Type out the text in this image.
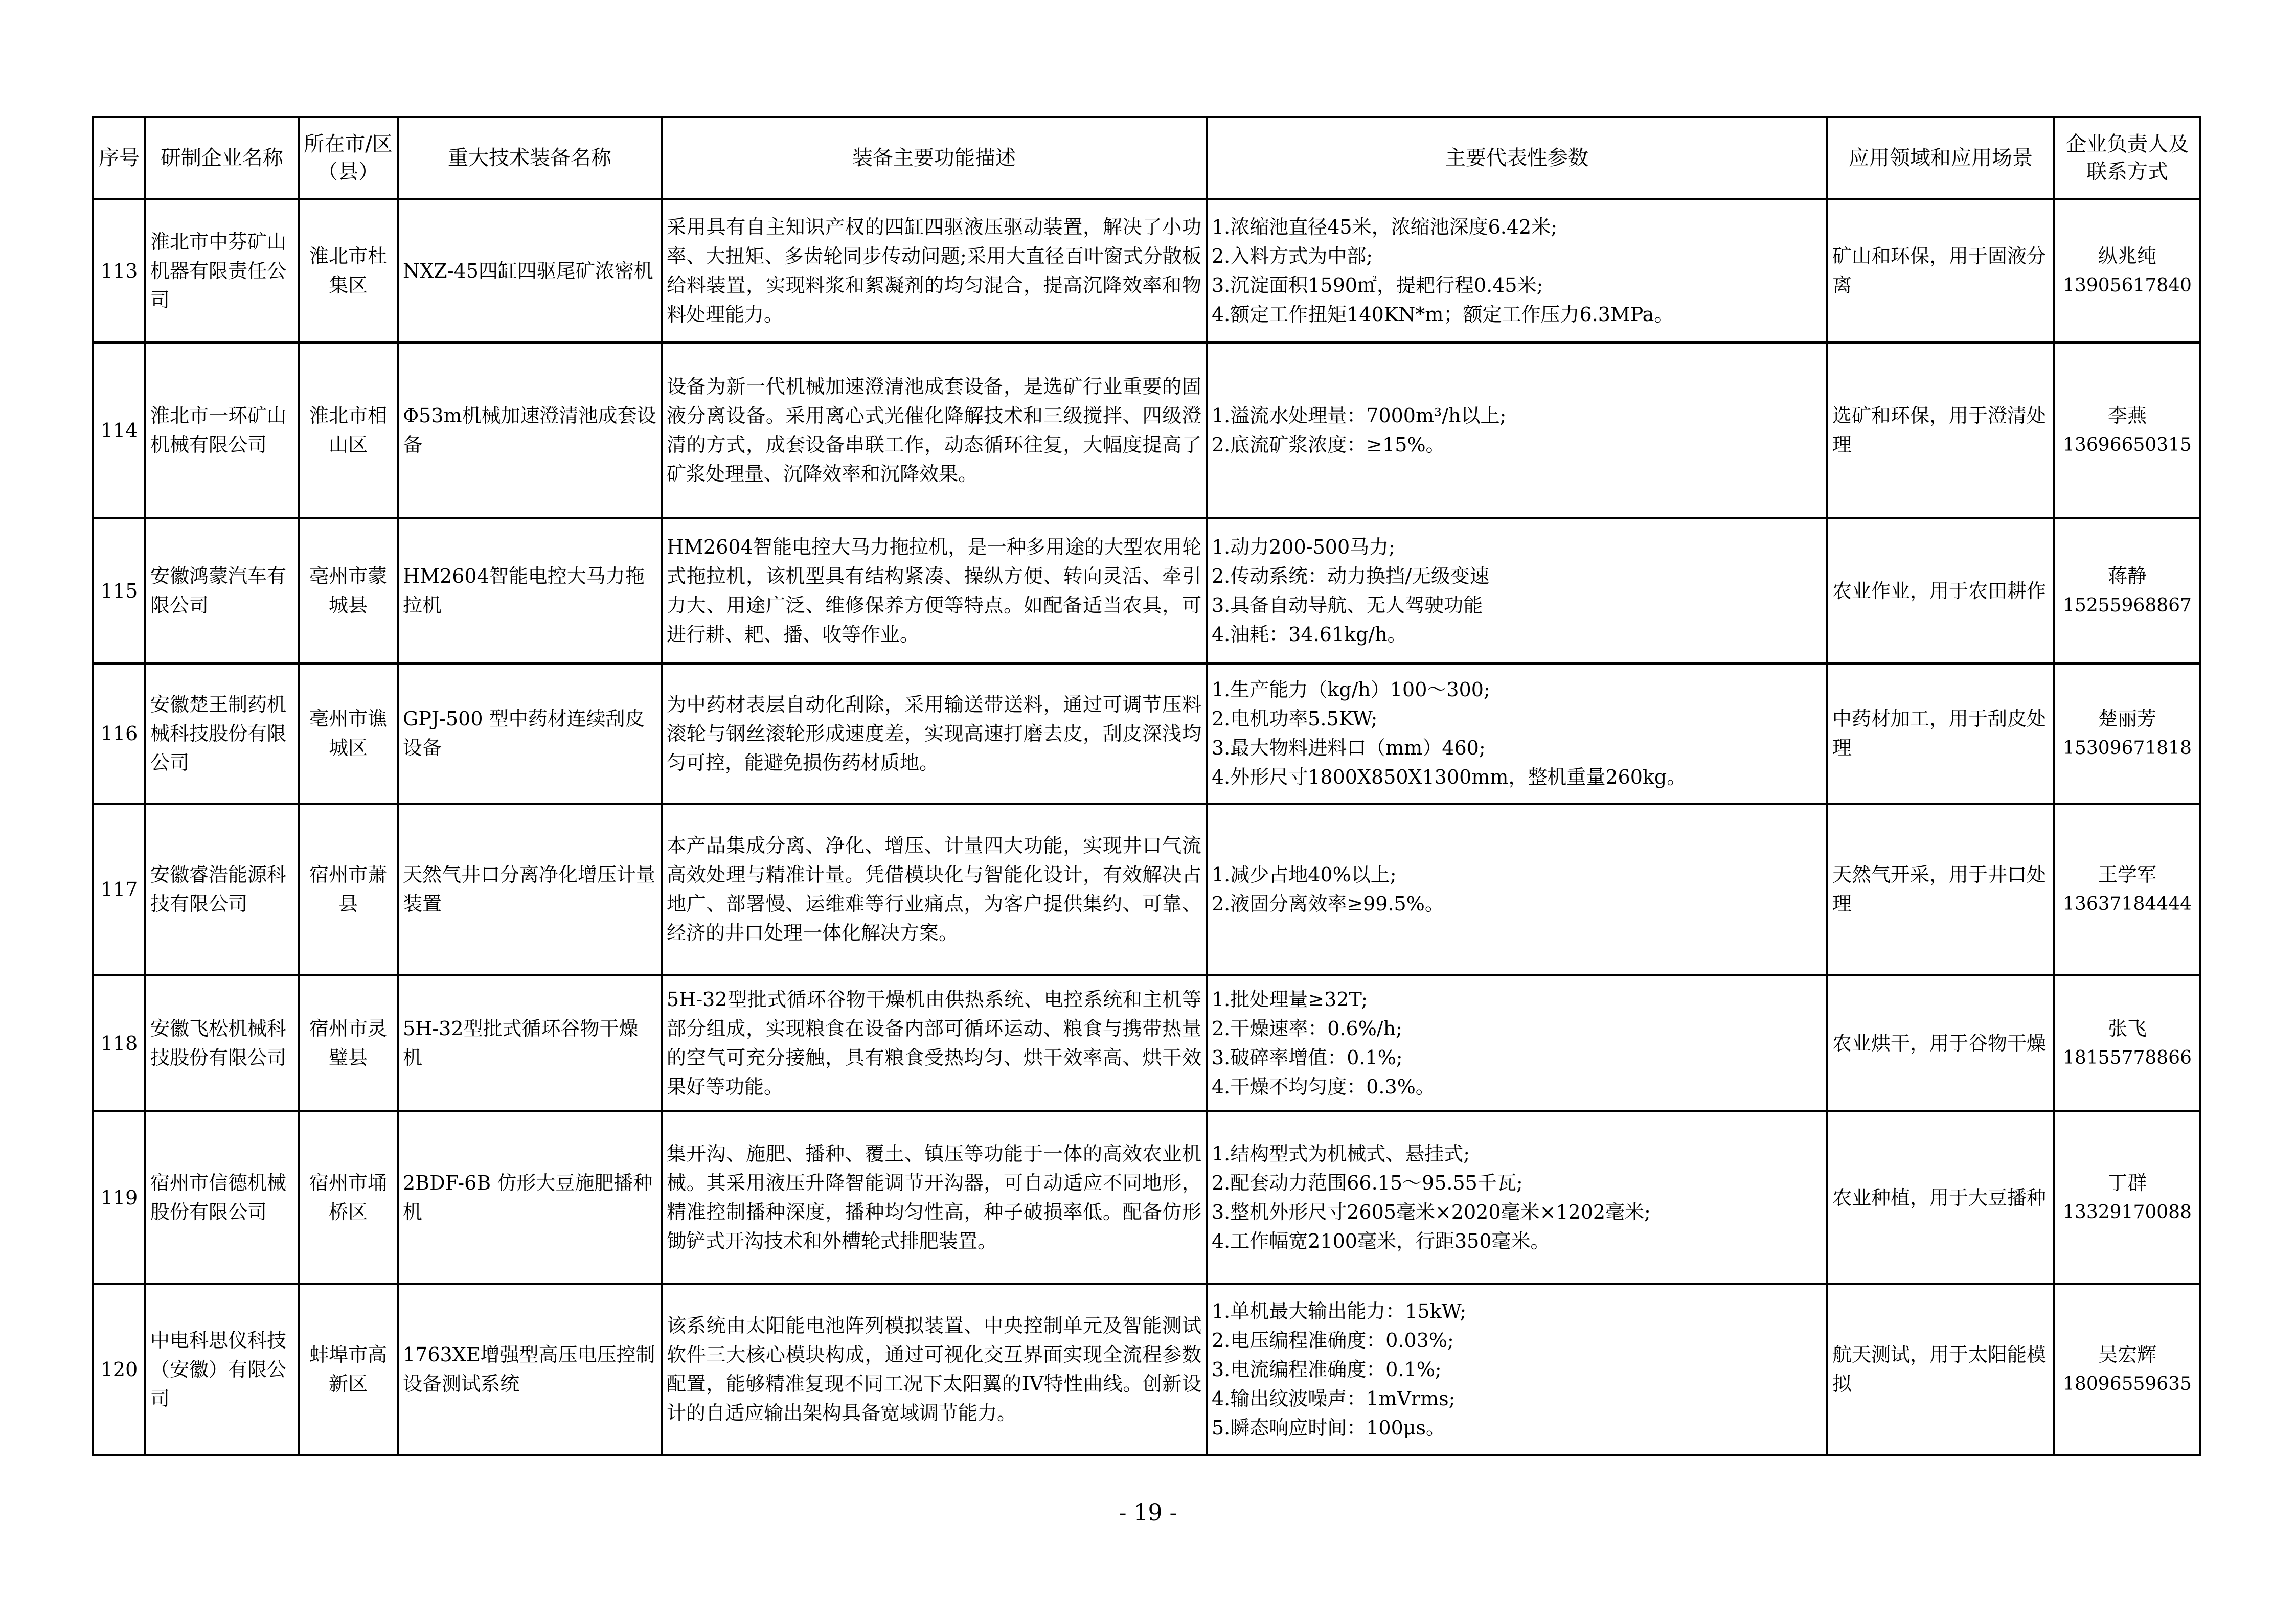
序号	研制企业名称	所在市/区（县）	重大技术装备名称	装备主要功能描述	主要代表性参数	应用领域和应用场景	企业负责人及联系方式
113	淮北市中芬矿山机器有限责任公司	淮北市杜集区	NXZ-45四缸四驱尾矿浓密机	采用具有自主知识产权的四缸四驱液压驱动装置，解决了小功率、大扭矩、多齿轮同步传动问题;采用大直径百叶窗式分散板给料装置，实现料浆和絮凝剂的均匀混合，提高沉降效率和物料处理能力。	1.浓缩池直径45米，浓缩池深度6.42米;
2.入料方式为中部;
3.沉淀面积1590㎡，提耙行程0.45米;
4.额定工作扭矩140KN*m；额定工作压力6.3MPa。	矿山和环保，用于固液分离	纵兆纯
13905617840

114	淮北市一环矿山机械有限公司	淮北市相山区	Φ53m机械加速澄清池成套设备	设备为新一代机械加速澄清池成套设备，是选矿行业重要的固液分离设备。采用离心式光催化降解技术和三级搅拌、四级澄清的方式，成套设备串联工作，动态循环往复，大幅度提高了矿浆处理量、沉降效率和沉降效果。	1.溢流水处理量：7000m³/h以上;
2.底流矿浆浓度：≥15%。	选矿和环保，用于澄清处理	李燕
13696650315

115	安徽鸿蒙汽车有限公司	亳州市蒙城县	HM2604智能电控大马力拖拉机	HM2604智能电控大马力拖拉机，是一种多用途的大型农用轮式拖拉机，该机型具有结构紧凑、操纵方便、转向灵活、牵引力大、用途广泛、维修保养方便等特点。如配备适当农具，可进行耕、耙、播、收等作业。	1.动力200-500马力;
2.传动系统：动力换挡/无级变速
3.具备自动导航、无人驾驶功能
4.油耗：34.61kg/h。	农业作业，用于农田耕作	蒋静
15255968867

116	安徽楚王制药机械科技股份有限公司	亳州市谯城区	GPJ-500 型中药材连续刮皮设备	为中药材表层自动化刮除，采用输送带送料，通过可调节压料滚轮与钢丝滚轮形成速度差，实现高速打磨去皮，刮皮深浅均匀可控，能避免损伤药材质地。	1.生产能力（kg/h）100～300;
2.电机功率5.5KW;
3.最大物料进料口（mm）460;
4.外形尺寸1800X850X1300mm，整机重量260kg。	中药材加工，用于刮皮处理	楚丽芳
15309671818

117	安徽睿浩能源科技有限公司	宿州市萧县	天然气井口分离净化增压计量装置	本产品集成分离、净化、增压、计量四大功能，实现井口气流高效处理与精准计量。凭借模块化与智能化设计，有效解决占地广、部署慢、运维难等行业痛点，为客户提供集约、可靠、经济的井口处理一体化解决方案。	1.减少占地40%以上;
2.液固分离效率≥99.5%。	天然气开采，用于井口处理	王学军
13637184444

118	安徽飞松机械科技股份有限公司	宿州市灵璧县	5H-32型批式循环谷物干燥机	5H-32型批式循环谷物干燥机由供热系统、电控系统和主机等部分组成，实现粮食在设备内部可循环运动、粮食与携带热量的空气可充分接触，具有粮食受热均匀、烘干效率高、烘干效果好等功能。	1.批处理量≥32T;
2.干燥速率：0.6%/h;
3.破碎率增值：0.1%;
4.干燥不均匀度：0.3%。	农业烘干，用于谷物干燥	张飞
18155778866

119	宿州市信德机械股份有限公司	宿州市埇桥区	2BDF-6B 仿形大豆施肥播种机	集开沟、施肥、播种、覆土、镇压等功能于一体的高效农业机械。其采用液压升降智能调节开沟器，可自动适应不同地形，精准控制播种深度，播种均匀性高，种子破损率低。配备仿形锄铲式开沟技术和外槽轮式排肥装置。	1.结构型式为机械式、悬挂式;
2.配套动力范围66.15～95.55千瓦;
3.整机外形尺寸2605毫米×2020毫米×1202毫米;
4.工作幅宽2100毫米，行距350毫米。	农业种植，用于大豆播种	丁群
13329170088

120	中电科思仪科技（安徽）有限公司	蚌埠市高新区	1763XE增强型高压电压控制设备测试系统	该系统由太阳能电池阵列模拟装置、中央控制单元及智能测试软件三大核心模块构成，通过可视化交互界面实现全流程参数配置，能够精准复现不同工况下太阳翼的IV特性曲线。创新设计的自适应输出架构具备宽域调节能力。	1.单机最大输出能力：15kW;
2.电压编程准确度：0.03%;
3.电流编程准确度：0.1%;
4.输出纹波噪声：1mVrms;
5.瞬态响应时间：100μs。	航天测试，用于太阳能模拟	吴宏辉
18096559635
- 19 -
